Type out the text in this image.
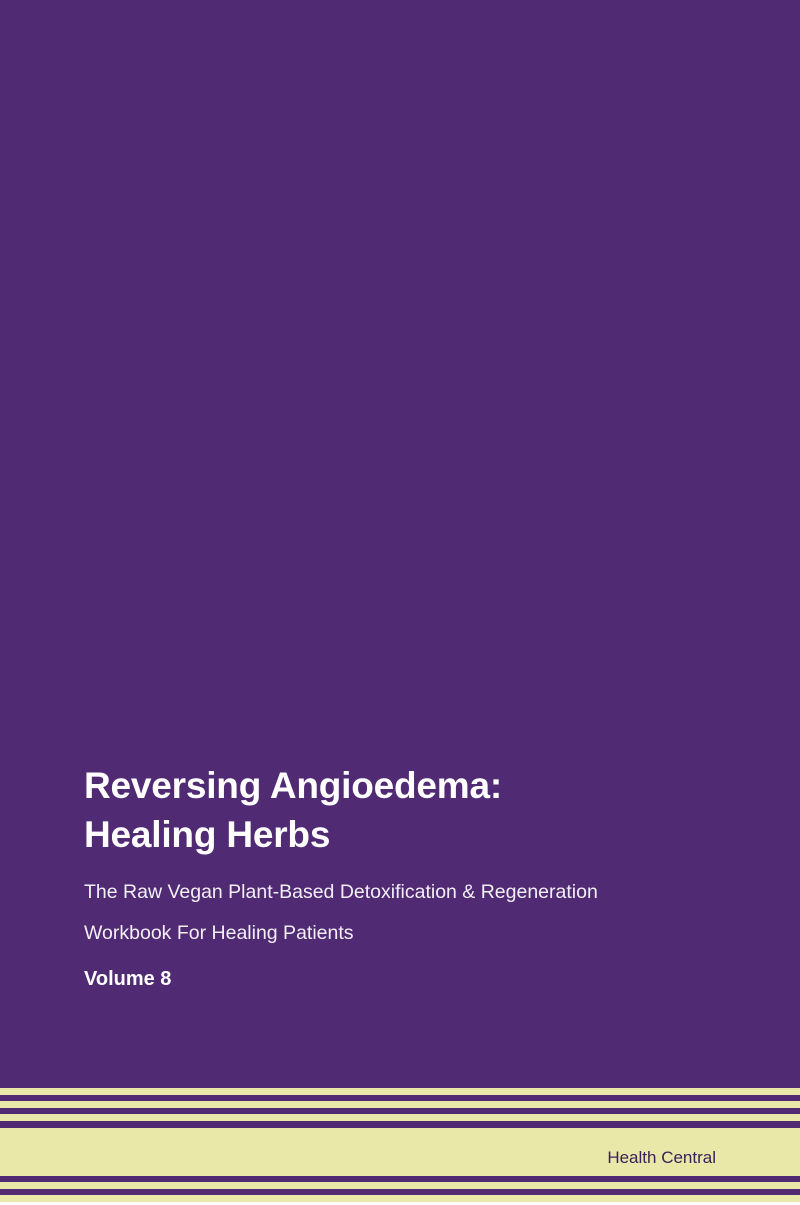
Reversing Angioedema:
Healing Herbs

The Raw Vegan Plant-Based Detoxification & Regeneration

Workbook For Healing Patients

Volume 8

Health Central
